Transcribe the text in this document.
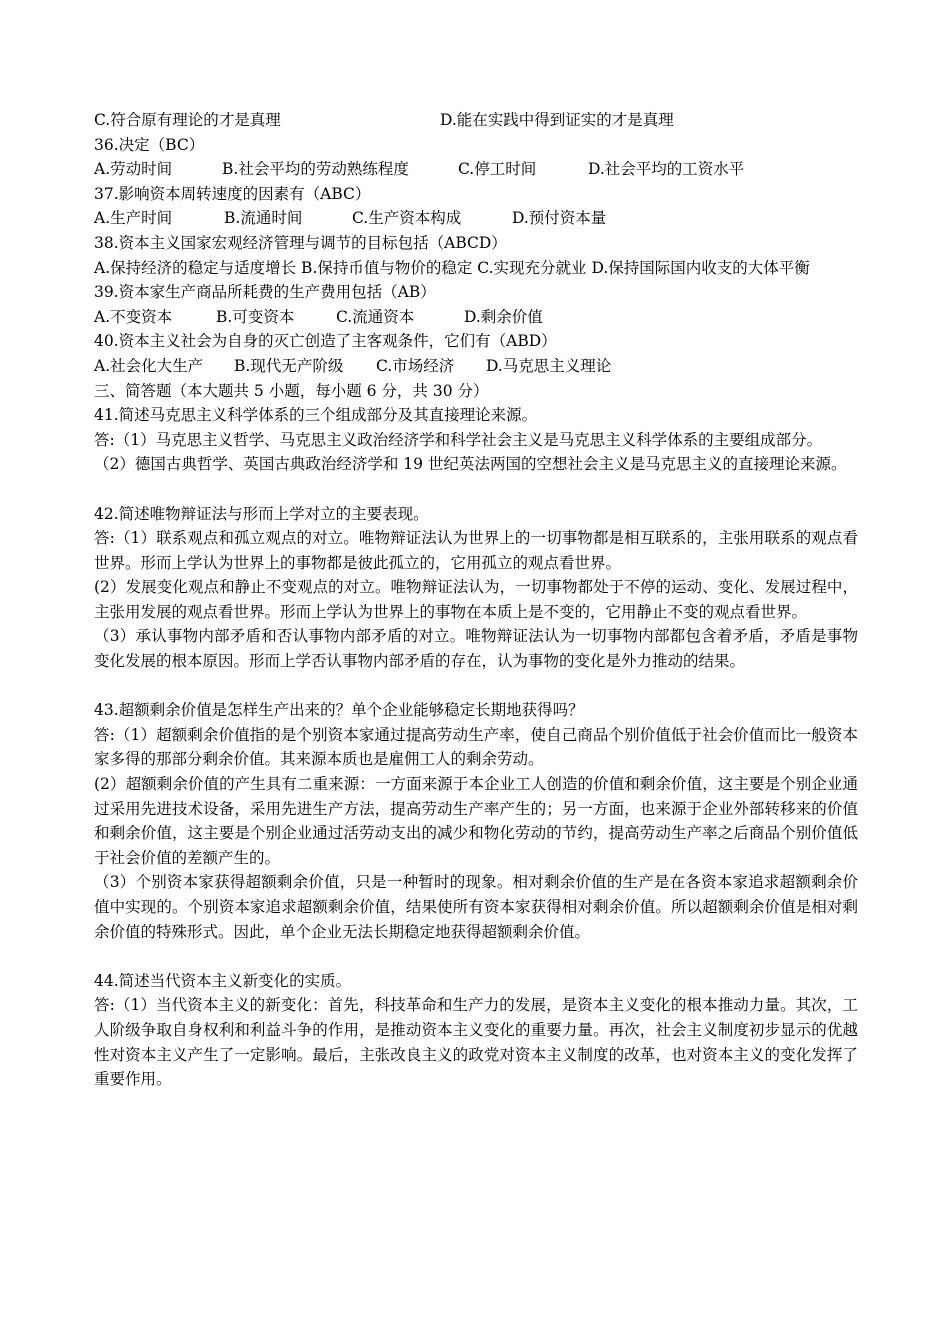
C.符合原有理论的才是真理	D.能在实践中得到证实的才是真理
36.决定（BC）
A.劳动时间	B.社会平均的劳动熟练程度	C.停工时间	D.社会平均的工资水平
37.影响资本周转速度的因素有（ABC）
A.生产时间	B.流通时间	C.生产资本构成	D.预付资本量
38.资本主义国家宏观经济管理与调节的目标包括（ABCD）
A.保持经济的稳定与适度增长 B.保持币值与物价的稳定 C.实现充分就业 D.保持国际国内收支的大体平衡
39.资本家生产商品所耗费的生产费用包括（AB）
A.不变资本	B.可变资本	C.流通资本	D.剩余价值
40.资本主义社会为自身的灭亡创造了主客观条件，它们有（ABD）
A.社会化大生产 B.现代无产阶级 C.市场经济 D.马克思主义理论
三、简答题（本大题共 5 小题，每小题 6 分，共 30 分）
41.简述马克思主义科学体系的三个组成部分及其直接理论来源。
答:（1）马克思主义哲学、马克思主义政治经济学和科学社会主义是马克思主义科学体系的主要组成部分。
（2）德国古典哲学、英国古典政治经济学和 19 世纪英法两国的空想社会主义是马克思主义的直接理论来源。
42.简述唯物辩证法与形而上学对立的主要表现。
答:（1）联系观点和孤立观点的对立。唯物辩证法认为世界上的一切事物都是相互联系的，主张用联系的观点看世界。形而上学认为世界上的事物都是彼此孤立的，它用孤立的观点看世界。
(2）发展变化观点和静止不变观点的对立。唯物辩证法认为，一切事物都处于不停的运动、变化、发展过程中，主张用发展的观点看世界。形而上学认为世界上的事物在本质上是不变的，它用静止不变的观点看世界。
（3）承认事物内部矛盾和否认事物内部矛盾的对立。唯物辩证法认为一切事物内部都包含着矛盾，矛盾是事物变化发展的根本原因。形而上学否认事物内部矛盾的存在，认为事物的变化是外力推动的结果。
43.超额剩余价值是怎样生产出来的？单个企业能够稳定长期地获得吗？
答:（1）超额剩余价值指的是个别资本家通过提高劳动生产率，使自己商品个别价值低于社会价值而比一般资本家多得的那部分剩余价值。其来源本质也是雇佣工人的剩余劳动。
(2）超额剩余价值的产生具有二重来源：一方面来源于本企业工人创造的价值和剩余价值，这主要是个别企业通过采用先进技术设备，采用先进生产方法，提高劳动生产率产生的；另一方面，也来源于企业外部转移来的价值和剩余价值，这主要是个别企业通过活劳动支出的减少和物化劳动的节约，提高劳动生产率之后商品个别价值低于社会价值的差额产生的。
（3）个别资本家获得超额剩余价值，只是一种暂时的现象。相对剩余价值的生产是在各资本家追求超额剩余价值中实现的。个别资本家追求超额剩余价值，结果使所有资本家获得相对剩余价值。所以超额剩余价值是相对剩余价值的特殊形式。因此，单个企业无法长期稳定地获得超额剩余价值。
44.简述当代资本主义新变化的实质。
答:（1）当代资本主义的新变化：首先，科技革命和生产力的发展，是资本主义变化的根本推动力量。其次，工人阶级争取自身权利和利益斗争的作用，是推动资本主义变化的重要力量。再次，社会主义制度初步显示的优越性对资本主义产生了一定影响。最后，主张改良主义的政党对资本主义制度的改革，也对资本主义的变化发挥了重要作用。
